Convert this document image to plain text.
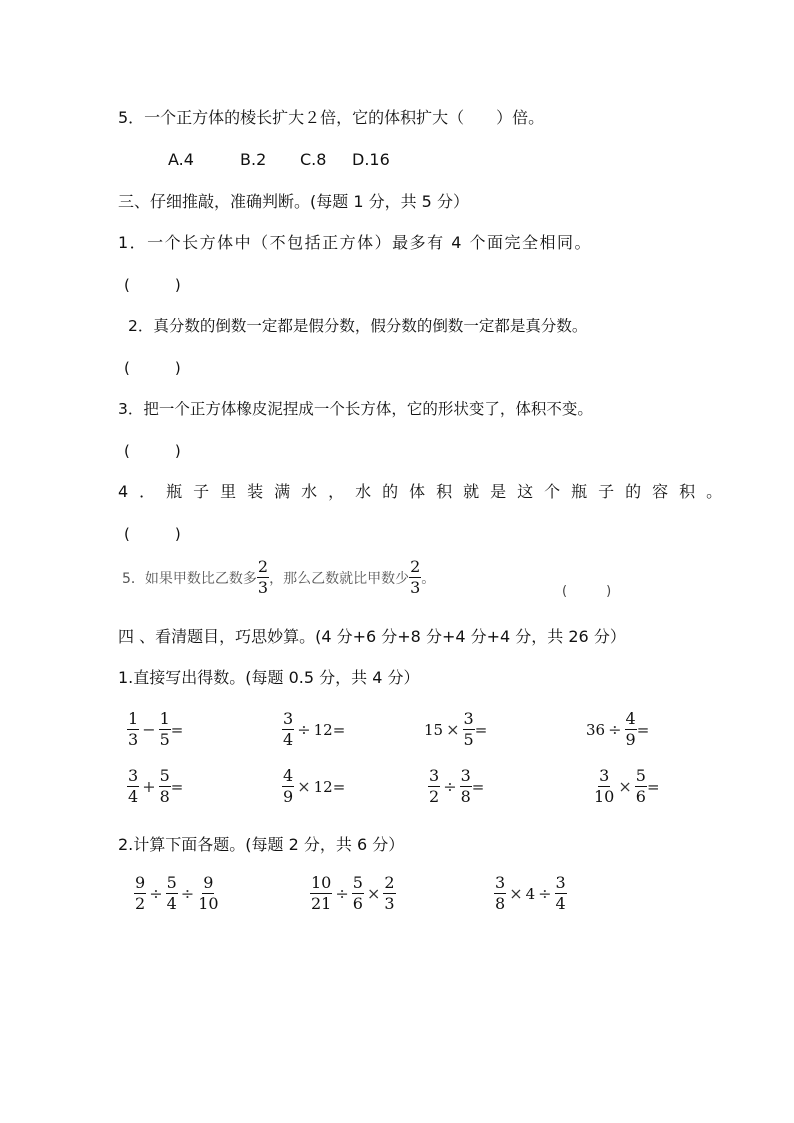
5．一个正方体的棱长扩大２倍，它的体积扩大（　　）倍。
A.4	B.2 C.8 D.16
三、仔细推敲，准确判断。(每题 1 分，共 5 分）
1．一个长方体中（不包括正方体）最多有 4 个面完全相同。
(　　　)
2．真分数的倒数一定都是假分数，假分数的倒数一定都是真分数。
(　　　)
3．把一个正方体橡皮泥捏成一个长方体，它的形状变了，体积不变。
(　　　)
4．瓶子里装满水，水的体积就是这个瓶子的容积。
(　　　)
5．如果甲数比乙数多 $\frac{2}{3}$ ，那么乙数就比甲数少 $\frac{2}{3}$ 。
(　　　)
四 、看清题目，巧思妙算。(4 分+6 分+8 分+4 分+4 分，共 26 分）
1.直接写出得数。(每题 0.5 分，共 4 分）
$\frac{1}{3} - \frac{1}{5}$ =	$\frac{3}{4} \div 12$ =	$15 \times \frac{3}{5}$ =	$36 \div \frac{4}{9}$ =
$\frac{3}{4} + \frac{5}{8}$ =	$\frac{4}{9} \times 12$ =	$\frac{3}{2} \div \frac{3}{8}$ =	$\frac{3}{10} \times \frac{5}{6}$ =
2.计算下面各题。(每题 2 分，共 6 分）
$\frac{9}{2} \div \frac{5}{4} \div \frac{9}{10}$	$\frac{10}{21} \div \frac{5}{6} \times \frac{2}{3}$	$\frac{3}{8} \times 4 \div \frac{3}{4}$
